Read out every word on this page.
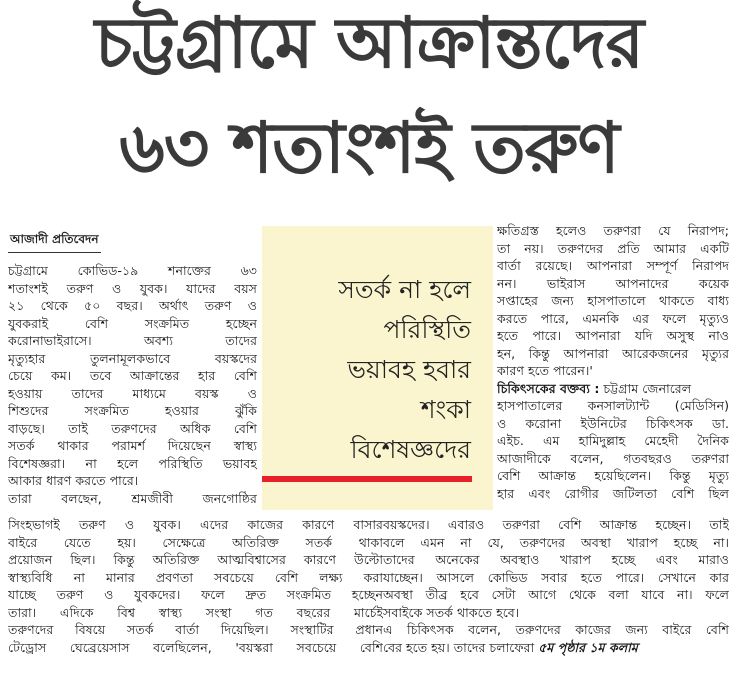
চট্টগ্রামে আক্রান্তদের
৬৩ শতাংশই তরুণ
আজাদী প্রতিবেদন
চট্টগ্রামে কোভিড-১৯ শনাক্তের ৬৩
শতাংশই তরুণ ও যুবক। যাদের বয়স
২১ থেকে ৫০ বছর। অর্থাৎ তরুণ ও
যুবকরাই বেশি সংক্রমিত হচ্ছেন
করোনাভাইরাসে। অবশ্য তাদের
মৃত্যুহার তুলনামূলকভাবে বয়স্কদের
চেয়ে কম। তবে আক্রান্তের হার বেশি
হওয়ায় তাদের মাধ্যমে বয়স্ক ও
শিশুদের সংক্রমিত হওয়ার ঝুঁকি
বাড়ছে। তাই তরুণদের অধিক বেশি
সতর্ক থাকার পরামর্শ দিয়েছেন স্বাস্থ্য
বিশেষজ্ঞরা। না হলে পরিস্থিতি ভয়াবহ
আকার ধারণ করতে পারে।
তারা বলছেন, শ্রমজীবী জনগোষ্ঠির
সতর্ক না হলে
পরিস্থিতি
ভয়াবহ হবার
শংকা
বিশেষজ্ঞদের
ক্ষতিগ্রস্ত হলেও তরুণরা যে নিরাপদ;
তা নয়। তরুণদের প্রতি আমার একটি
বার্তা রয়েছে। আপনারা সম্পূর্ণ নিরাপদ
নন। ভাইরাস আপনাদের কয়েক
সপ্তাহের জন্য হাসপাতালে থাকতে বাধ্য
করতে পারে, এমনকি এর ফলে মৃত্যুও
হতে পারে। আপনারা যদি অসুস্থ নাও
হন, কিন্তু আপনারা আরেকজনের মৃত্যুর
কারণ হতে পারেন।'
চিকিৎসকের বক্তব্য : চট্টগ্রাম জেনারেল
হাসপাতালের কনসালট্যান্ট (মেডিসিন)
ও করোনা ইউনিটের চিকিৎসক ডা.
এইচ. এম হামিদুল্লাহ মেহেদী দৈনিক
আজাদীকে বলেন, গতবছরও তরুণরা
বেশি আক্রান্ত হয়েছিলেন। কিন্তু মৃত্যু
হার এবং রোগীর জটিলতা বেশি ছিল
সিংহভাগই তরুণ ও যুবক। এদের কাজের কারণে বাসার
বাইরে যেতে হয়। সেক্ষেত্রে অতিরিক্ত সতর্ক থাকা
প্রয়োজন ছিল। কিন্তু অতিরিক্ত আত্মবিশ্বাসের কারণে উল্টো
স্বাস্থ্যবিধি না মানার প্রবণতা সবচেয়ে বেশি লক্ষ্য করা
যাচ্ছে তরুণ ও যুবকদের। ফলে দ্রুত সংক্রমিত হচ্ছেন
তারা। এদিকে বিশ্ব স্বাস্থ্য সংস্থা গত বছরের মার্চেই
তরুণদের বিষয়ে সতর্ক বার্তা দিয়েছিল। সংস্থাটির প্রধান
টেড্রোস ঘেব্রেয়েসাস বলেছিলেন, 'বয়স্করা সবচেয়ে বেশি
বয়স্কদের। এবারও তরুণরা বেশি আক্রান্ত হচ্ছেন। তাই
বলে এমন না যে, তরুণদের অবস্থা খারাপ হচ্ছে না।
তাদের অনেকের অবস্থাও খারাপ হচ্ছে এবং মারাও
যাচ্ছেন। আসলে কোভিড সবার হতে পারে। সেখানে কার
অবস্থা তীব্র হবে সেটা আগে থেকে বলা যাবে না। ফলে
সবাইকে সতর্ক থাকতে হবে।
এ চিকিৎসক বলেন, তরুণদের কাজের জন্য বাইরে বেশি
বের হতে হয়। তাদের চলাফেরা ৫ম পৃষ্ঠার ১ম কলাম
